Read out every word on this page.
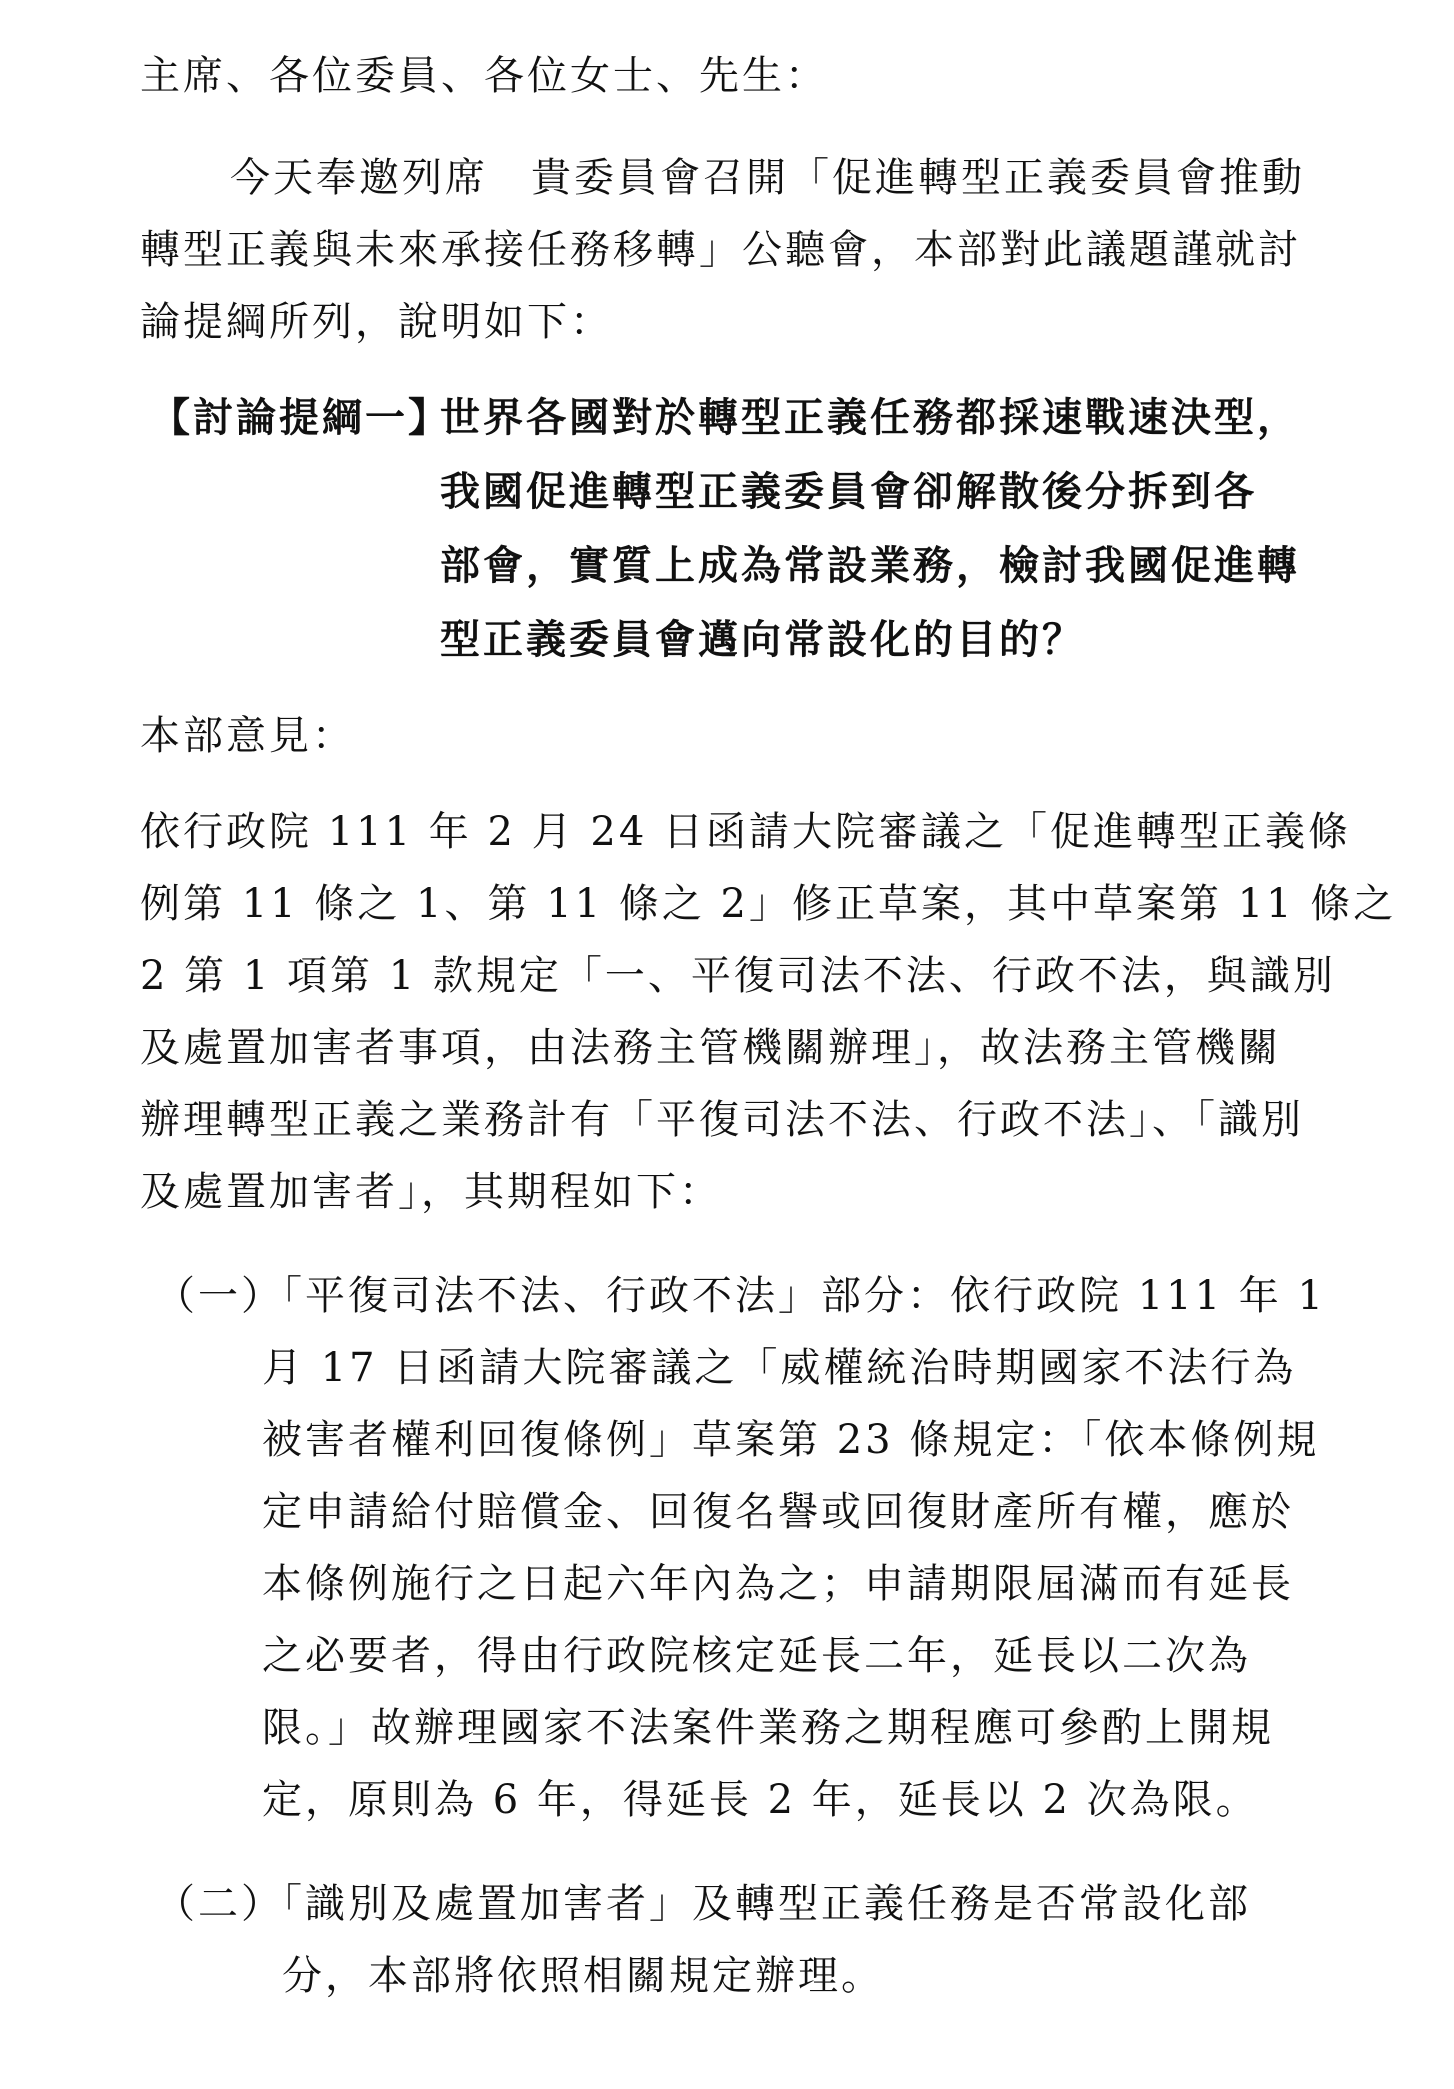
主席、各位委員、各位女士、先生：
今天奉邀列席　貴委員會召開「促進轉型正義委員會推動
轉型正義與未來承接任務移轉」公聽會，本部對此議題謹就討
論提綱所列，說明如下：
【討論提綱一】
世界各國對於轉型正義任務都採速戰速決型，
我國促進轉型正義委員會卻解散後分拆到各
部會，實質上成為常設業務，檢討我國促進轉
型正義委員會邁向常設化的目的？
本部意見：
依行政院 111 年 2 月 24 日函請大院審議之「促進轉型正義條
例第 11 條之 1、第 11 條之 2」修正草案，其中草案第 11 條之
2 第 1 項第 1 款規定「一、平復司法不法、行政不法，與識別
及處置加害者事項，由法務主管機關辦理」，故法務主管機關
辦理轉型正義之業務計有「平復司法不法、行政不法」、「識別
及處置加害者」，其期程如下：
（一）
「平復司法不法、行政不法」部分：依行政院 111 年 1
月 17 日函請大院審議之「威權統治時期國家不法行為
被害者權利回復條例」草案第 23 條規定：「依本條例規
定申請給付賠償金、回復名譽或回復財產所有權，應於
本條例施行之日起六年內為之；申請期限屆滿而有延長
之必要者，得由行政院核定延長二年，延長以二次為
限。」故辦理國家不法案件業務之期程應可參酌上開規
定，原則為 6 年，得延長 2 年，延長以 2 次為限。
（二）
「識別及處置加害者」及轉型正義任務是否常設化部
分，本部將依照相關規定辦理。
